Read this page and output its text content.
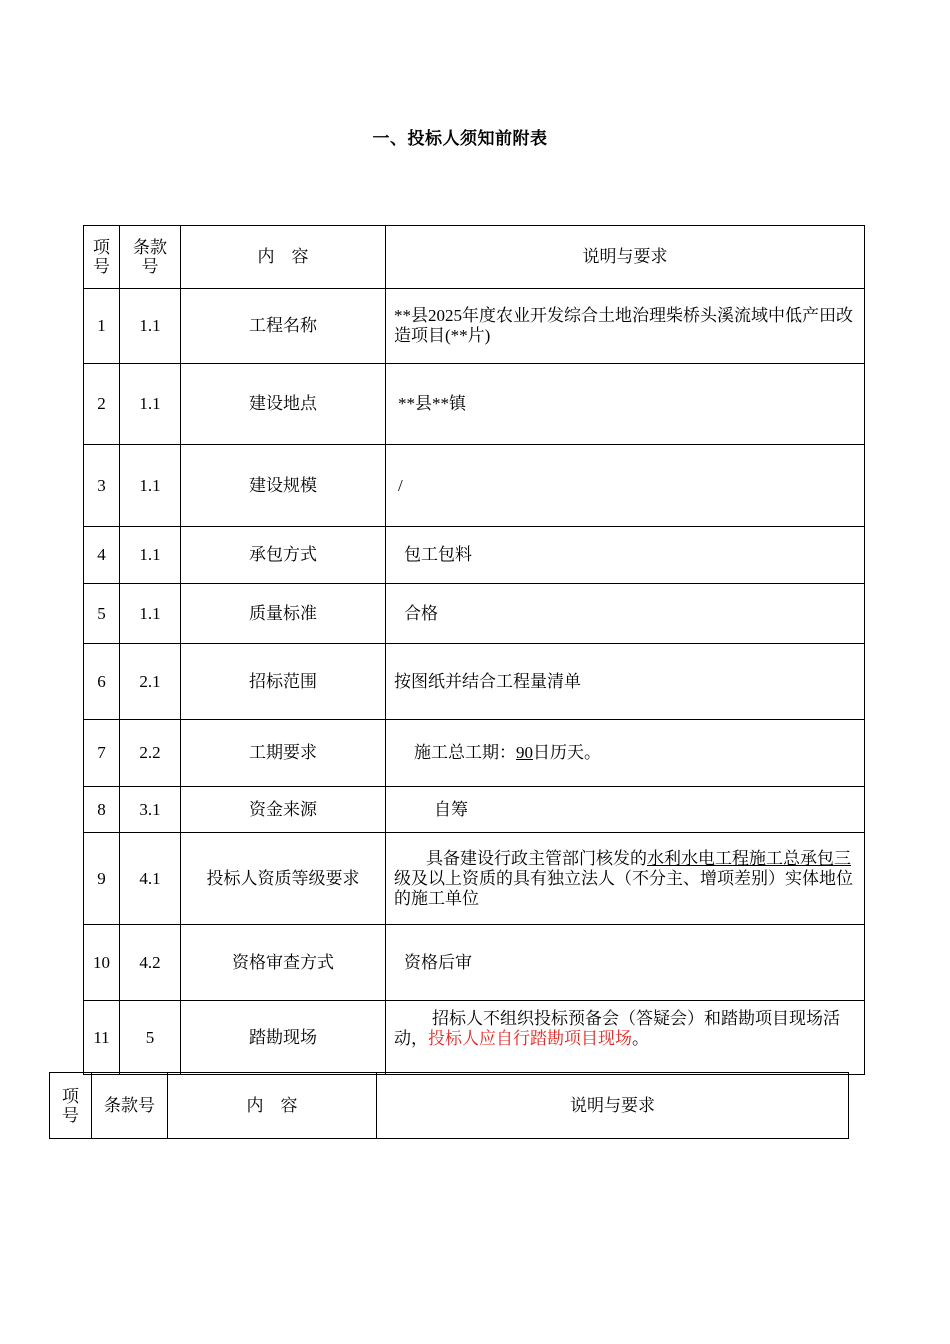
一、投标人须知前附表
项号	条款号	内　容	说明与要求
1	1.1	工程名称	**县2025年度农业开发综合土地治理柴桥头溪流域中低产田改造项目(**片)
2	1.1	建设地点	**县**镇
3	1.1	建设规模	/
4	1.1	承包方式	包工包料
5	1.1	质量标准	合格
6	2.1	招标范围	按图纸并结合工程量清单
7	2.2	工期要求	施工总工期：90日历天。
8	3.1	资金来源	自筹
9	4.1	投标人资质等级要求	具备建设行政主管部门核发的水利水电工程施工总承包三级及以上资质的具有独立法人（不分主、增项差别）实体地位的施工单位
10	4.2	资格审查方式	资格后审
11	5	踏勘现场	招标人不组织投标预备会（答疑会）和踏勘项目现场活动，投标人应自行踏勘项目现场。
项号	条款号	内　容	说明与要求
